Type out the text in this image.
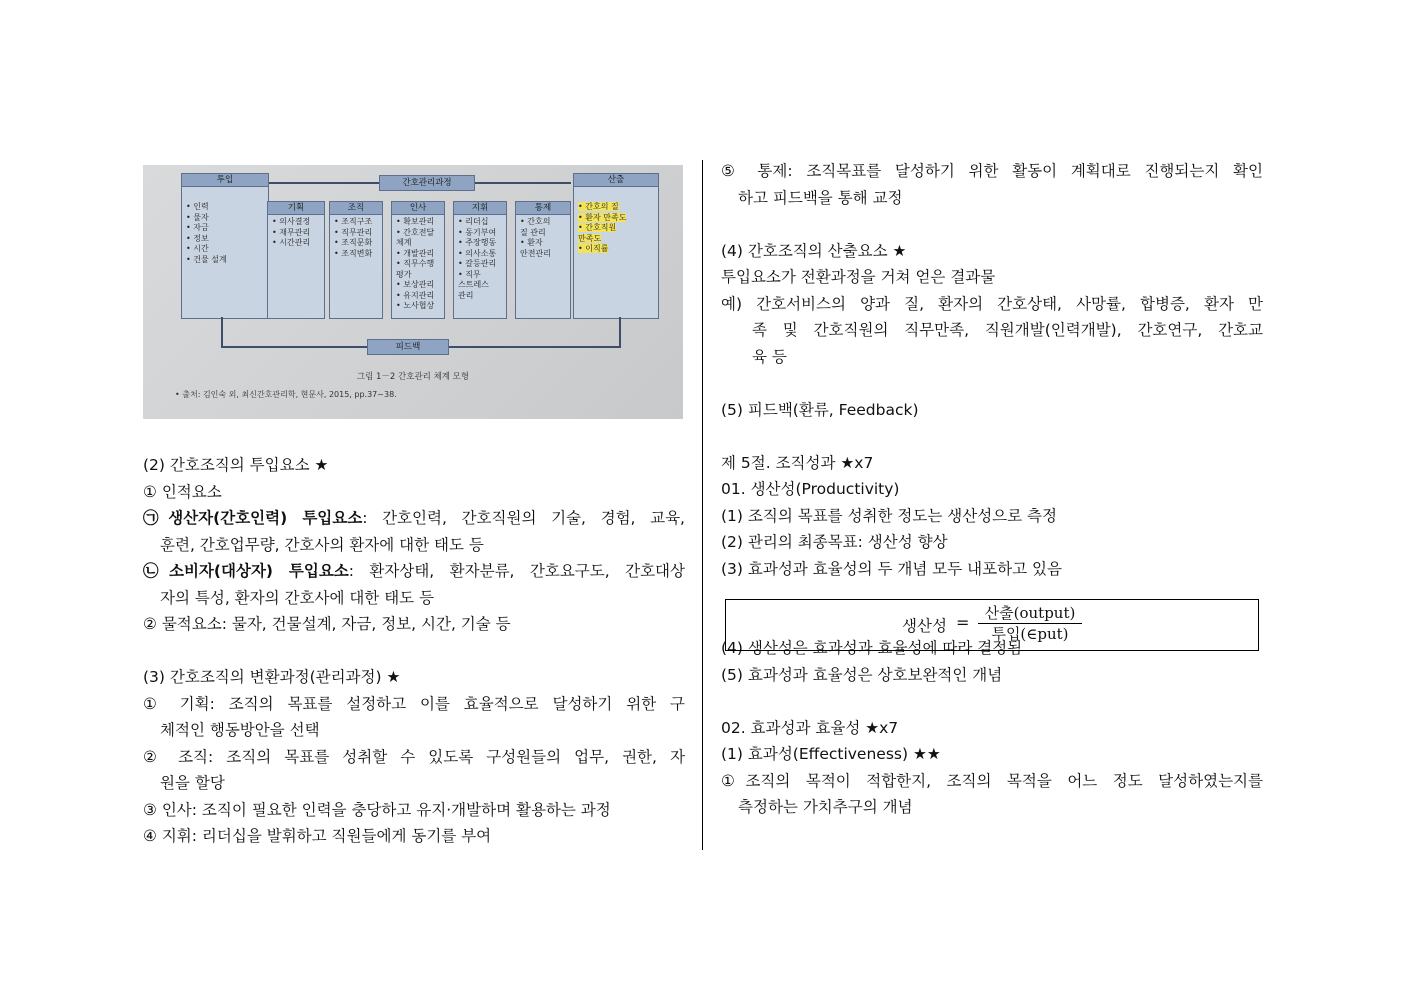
간호관리과정
투입
• 인력
• 물자
• 자금
• 정보
• 시간
• 건물 설계
기획
• 의사결정
• 재무관리
• 시간관리
조직
• 조직구조
• 직무관리
• 조직문화
• 조직변화
인사
• 확보관리
• 간호전달
체계
• 개발관리
• 직무수행
평가
• 보상관리
• 유지관리
• 노사협상
지휘
• 리더십
• 동기부여
• 주장행동
• 의사소통
• 갈등관리
• 직무
스트레스
관리
통제
• 간호의
질 관리
• 환자
안전관리
산출
• 간호의 질
• 환자 만족도
• 간호직원
만족도
• 이직률
피드백
그림 1－2 간호관리 체계 모형
• 출처: 김인숙 외, 최신간호관리학, 현문사, 2015, pp.37~38.

(2) 간호조직의 투입요소 ★

① 인적요소

㉠생산자(간호인력) 투입요소: 간호인력, 간호직원의 기술, 경험, 교육,

훈련, 간호업무량, 간호사의 환자에 대한 태도 등

㉡소비자(대상자) 투입요소: 환자상태, 환자분류, 간호요구도, 간호대상

자의 특성, 환자의 간호사에 대한 태도 등

② 물적요소: 물자, 건물설계, 자금, 정보, 시간, 기술 등

(3) 간호조직의 변환과정(관리과정) ★

① 기획: 조직의 목표를 설정하고 이를 효율적으로 달성하기 위한 구

체적인 행동방안을 선택

② 조직: 조직의 목표를 성취할 수 있도록 구성원들의 업무, 권한, 자

원을 할당

③ 인사: 조직이 필요한 인력을 충당하고 유지·개발하며 활용하는 과정

④ 지휘: 리더십을 발휘하고 직원들에게 동기를 부여

⑤ 통제: 조직목표를 달성하기 위한 활동이 계획대로 진행되는지 확인

하고 피드백을 통해 교정

(4) 간호조직의 산출요소 ★

투입요소가 전환과정을 거쳐 얻은 결과물

예) 간호서비스의 양과 질, 환자의 간호상태, 사망률, 합병증, 환자 만

족 및 간호직원의 직무만족, 직원개발(인력개발), 간호연구, 간호교

육 등

(5) 피드백(환류, Feedback)

제 5절. 조직성과 ★x7

01. 생산성(Productivity)

(1) 조직의 목표를 성취한 정도는 생산성으로 측정

(2) 관리의 최종목표: 생산성 향상

(3) 효과성과 효율성의 두 개념 모두 내포하고 있음

(4) 생산성은 효과성과 효율성에 따라 결정됨

(5) 효과성과 효율성은 상호보완적인 개념

02. 효과성과 효율성 ★x7

(1) 효과성(Effectiveness) ★★

①조직의 목적이 적합한지, 조직의 목적을 어느 정도 달성하였는지를

측정하는 가치추구의 개념

생산성 =	산출(output)
투입(∈put)
